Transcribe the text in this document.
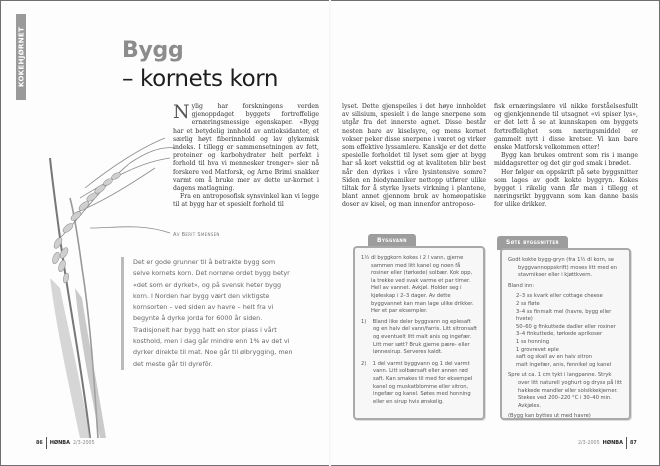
KOKEHJØRNET	Bygg
– kornets korn

Nylig har forskningens verden gjenoppdaget byggets fortreffelige ernæringsmessige egenskaper. «Bygg har et betydelig innhold av antioksidanter, et særlig høyt fiberinnhold og lav glykemisk indeks. I tillegg er sammensetningen av fett, proteiner og karbohydrater helt perfekt i forhold til hva vi mennesker trenger» sier nå forskere ved Matforsk, og Arne Brimi snakker varmt om å bruke mer av dette ur-kornet i dagens matlagning.

Fra en antroposofisk synsvinkel kan vi legge til at bygg har et spesielt forhold til

Av Berit Smensen
Det er gode grunner til å betrakte bygg som selve kornets korn. Det norrøne ordet bygg betyr «det som er dyrket», og på svensk heter bygg korn. I Norden har bygg vært den viktigste kornsorten – ved siden av havre – helt fra vi begynte å dyrke jorda for 6000 år siden. Tradisjonelt har bygg hatt en stor plass i vårt kosthold, men i dag går mindre enn 1% av det vi dyrker direkte til mat. Noe går til ølbrygging, men det meste går til dyrefôr.

lyset. Dette gjenspeiles i det høye innholdet av silisium, spesielt i de lange snerpene som utgår fra det innerste agnet. Disse består nesten bare av kiselsyre, og mens kornet vokser peker disse snerpene i været og virker som effektive lyssamlere. Kanskje er det dette spesielle forholdet til lyset som gjør at bygg har så kort veksttid og at kvaliteten blir best når den dyrkes i våre lysintensive somre? Siden en biodynamiker nettopp utfører ulike tiltak for å styrke lysets virkning i plantene, blant annet gjennom bruk av homøopatiske doser av kisel, og man innenfor antroposo-

fisk ernæringslære vil nikke forståelsesfullt og gjenkjennende til utsagnet «vi spiser lys», er det lett å se at kunnskapen om byggets fortreffelighet som næringsmiddel er gammelt nytt i disse kretser. Vi kan bare ønske Matforsk velkommen etter!

Bygg kan brukes omtrent som ris i mange middagsretter og det gir god smak i brødet.

Her følger en oppskrift på søte byggsnitter som lages av godt kokte byggryn. Kokes bygget i rikelig vann får man i tillegg et næringsrikt byggvann som kan danne basis for ulike drikker.

Byggvann

1½ dl byggkorn kokes i 2 l vann, gjerne sammen med litt kanel og noen få rosiner eller (tørkede) solbær. Kok opp, la trekke ved svak varme et par timer. Hell av vannet. Avkjøl. Holder seg i kjøleskap i 2–3 dager. Av dette byggvannet kan man lage ulike drikker. Her et par eksempler.

1) Bland like deler byggvann og eplesaft og en halv del vann/farris. Litt sitronsaft og eventuelt litt malt anis og ingefær. Litt mer søtt? Bruk gjerne pære- eller lønnesirup. Serveres kaldt.

2) 1 del varmt byggvann og 1 del varmt vann. Litt solbærsaft eller annen rød saft. Kan smakes til med for eksempel kanel og muskatblomme eller sitron, ingefær og kanel. Søtes med honning eller en sirup hvis ønskelig.

Søte byggsnitter

Godt kokte bygg-gryn (fra 1½ dl korn, se byggvannoppskrift) moses litt med en stavmikser eller i kjøttkvern.

Bland inn:

2–3 ss kvark eller cottage cheese
2 ss fløte
3–4 ss finmalt mel (havre, bygg eller hvete)
50–60 g finkuttede dadler eller rosiner
3–4 finkuttede, tørkede aprikoser
1 ss honning
1 grovrevet eple
saft og skall av en halv sitron
malt ingefær, anis, fennikel og kanel

Spre ut ca. 1 cm tykt i langpanne. Stryk over litt naturell yoghurt og dryss på litt hakkede mandler eller solsikkekjerner. Stekes ved 200–220 °C i 30–40 min. Avkjøles.

(Bygg kan byttes ut med havre)

86 HØNBA 2/3-2005	2/3-2005 HØNBA 87
